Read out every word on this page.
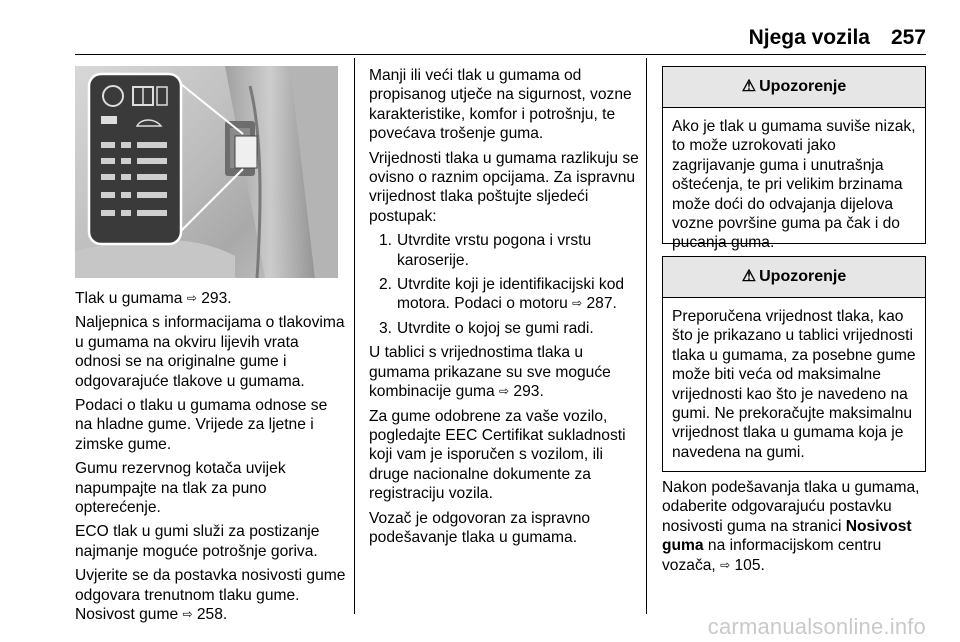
Njega vozila 257

Tlak u gumama ⇨ 293.

Naljepnica s informacijama o tlakovima u gumama na okviru lijevih vrata odnosi se na originalne gume i odgovarajuće tlakove u gumama.

Podaci o tlaku u gumama odnose se na hladne gume. Vrijede za ljetne i zimske gume.

Gumu rezervnog kotača uvijek napumpajte na tlak za puno opterećenje.

ECO tlak u gumi služi za postizanje najmanje moguće potrošnje goriva.

Uvjerite se da postavka nosivosti gume odgovara trenutnom tlaku gume. Nosivost gume ⇨ 258.

Manji ili veći tlak u gumama od propisanog utječe na sigurnost, vozne karakteristike, komfor i potrošnju, te povećava trošenje guma.

Vrijednosti tlaka u gumama razlikuju se ovisno o raznim opcijama. Za ispravnu vrijednost tlaka poštujte sljedeći postupak:

1. Utvrdite vrstu pogona i vrstu karoserije.
2. Utvrdite koji je identifikacijski kod motora. Podaci o motoru ⇨ 287.
3. Utvrdite o kojoj se gumi radi.

U tablici s vrijednostima tlaka u gumama prikazane su sve moguće kombinacije guma ⇨ 293.

Za gume odobrene za vaše vozilo, pogledajte EEC Certifikat sukladnosti koji vam je isporučen s vozilom, ili druge nacionalne dokumente za registraciju vozila.

Vozač je odgovoran za ispravno podešavanje tlaka u gumama.

⚠ Upozorenje
Ako je tlak u gumama suviše nizak, to može uzrokovati jako zagrijavanje guma i unutrašnja oštećenja, te pri velikim brzinama može doći do odvajanja dijelova vozne površine guma pa čak i do pucanja guma.
⚠ Upozorenje
Preporučena vrijednost tlaka, kao što je prikazano u tablici vrijednosti tlaka u gumama, za posebne gume može biti veća od maksimalne vrijednosti kao što je navedeno na gumi. Ne prekoračujte maksimalnu vrijednost tlaka u gumama koja je navedena na gumi.

Nakon podešavanja tlaka u gumama, odaberite odgovarajuću postavku nosivosti guma na stranici Nosivost guma na informacijskom centru vozača, ⇨ 105.

carmanualsonline.info
